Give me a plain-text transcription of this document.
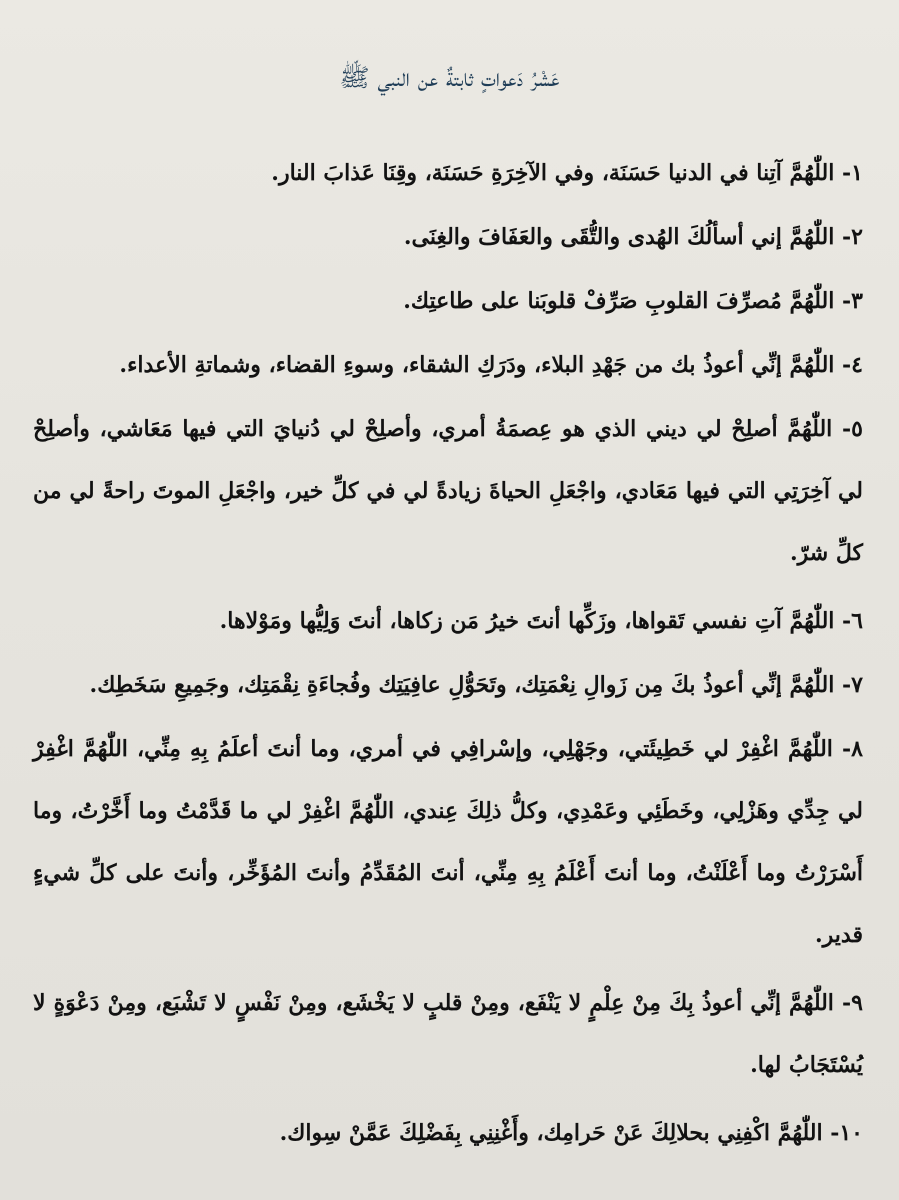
عَشْرُ دَعواتٍ ثابتةٌ عن النبي ﷺ

١- اللّٰهُمَّ آتِنا في الدنيا حَسَنَة، وفي الآخِرَةِ حَسَنَة، وقِنَا عَذابَ النار.

٢- اللّٰهُمَّ إني أسألُكَ الهُدى والتُّقَى والعَفَافَ والغِنَى.

٣- اللّٰهُمَّ مُصرِّفَ القلوبِ صَرِّفْ قلوبَنا على طاعتِك.

٤- اللّٰهُمَّ إنِّي أعوذُ بك من جَهْدِ البلاء، ودَرَكِ الشقاء، وسوءِ القضاء، وشماتةِ الأعداء.

٥- اللّٰهُمَّ أصلِحْ لي ديني الذي هو عِصمَةُ أمري، وأصلِحْ لي دُنيايَ التي فيها مَعَاشي، وأصلِحْ لي آخِرَتِي التي فيها مَعَادي، واجْعَلِ الحياةَ زيادةً لي في كلِّ خير، واجْعَلِ الموتَ راحةً لي من كلِّ شرّ.

٦- اللّٰهُمَّ آتِ نفسي تَقواها، وزَكِّها أنتَ خيرُ مَن زكاها، أنتَ وَلِيُّها ومَوْلاها.

٧- اللّٰهُمَّ إنِّي أعوذُ بكَ مِن زَوالِ نِعْمَتِك، وتَحَوُّلِ عافِيَتِك وفُجاءَةِ نِقْمَتِك، وجَمِيعِ سَخَطِك.

٨- اللّٰهُمَّ اغْفِرْ لي خَطِيئَتي، وجَهْلِي، وإسْرافِي في أمري، وما أنتَ أعلَمُ بِهِ مِنِّي، اللّٰهُمَّ اغْفِرْ لي جِدِّي وهَزْلِي، وخَطَئِي وعَمْدِي، وكلُّ ذلِكَ عِندي، اللّٰهُمَّ اغْفِرْ لي ما قَدَّمْتُ وما أَخَّرْتُ، وما أَسْرَرْتُ وما أَعْلَنْتُ، وما أنتَ أَعْلَمُ بِهِ مِنِّي، أنتَ المُقَدِّمُ وأنتَ المُؤَخِّر، وأنتَ على كلِّ شيءٍ قدير.

٩- اللّٰهُمَّ إنِّي أعوذُ بِكَ مِنْ عِلْمٍ لا يَنْفَع، ومِنْ قلبٍ لا يَخْشَع، ومِنْ نَفْسٍ لا تَشْبَع، ومِنْ دَعْوَةٍ لا يُسْتَجَابُ لها.

١٠- اللّٰهُمَّ اكْفِنِي بحلالِكَ عَنْ حَرامِك، وأَغْنِنِي بِفَضْلِكَ عَمَّنْ سِواك.
